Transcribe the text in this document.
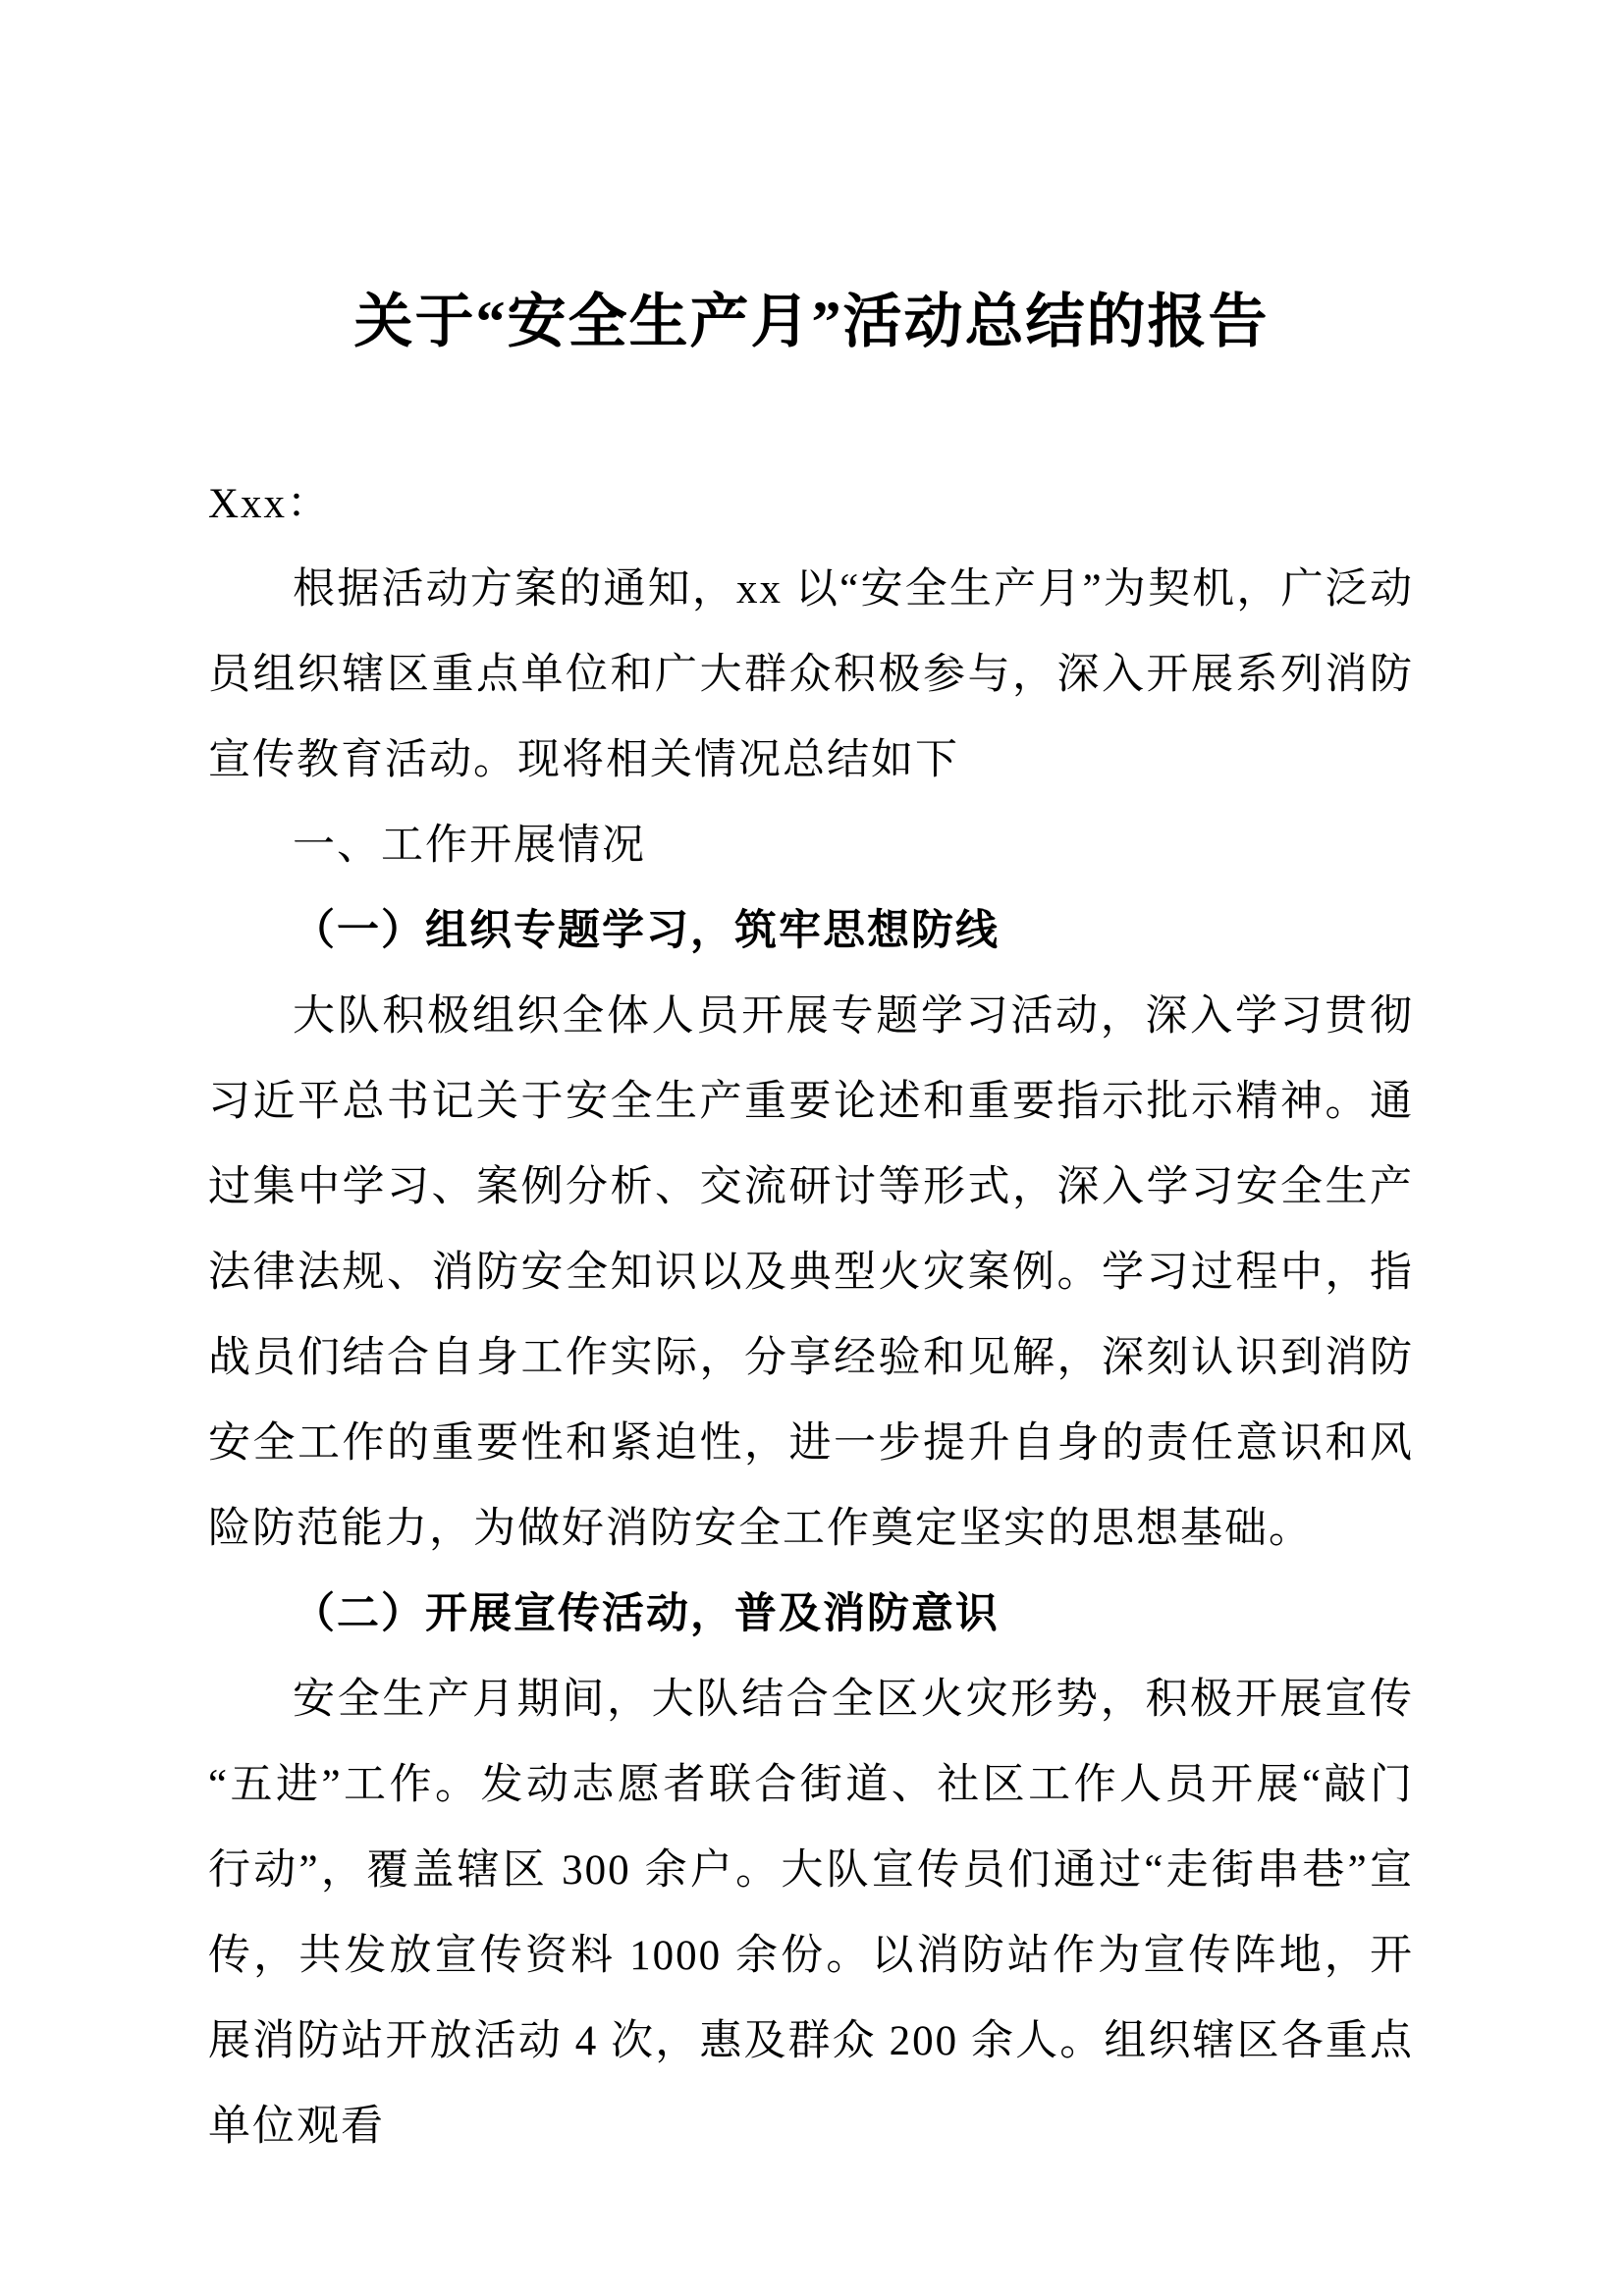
关于“安全生产月”活动总结的报告

Xxx：

根据活动方案的通知，xx 以“安全生产月”为契机，广泛动员组织辖区重点单位和广大群众积极参与，深入开展系列消防宣传教育活动。现将相关情况总结如下

一、工作开展情况

（一）组织专题学习，筑牢思想防线

大队积极组织全体人员开展专题学习活动，深入学习贯彻习近平总书记关于安全生产重要论述和重要指示批示精神。通过集中学习、案例分析、交流研讨等形式，深入学习安全生产法律法规、消防安全知识以及典型火灾案例。学习过程中，指战员们结合自身工作实际，分享经验和见解，深刻认识到消防安全工作的重要性和紧迫性，进一步提升自身的责任意识和风险防范能力，为做好消防安全工作奠定坚实的思想基础。

（二）开展宣传活动，普及消防意识

安全生产月期间，大队结合全区火灾形势，积极开展宣传“五进”工作。发动志愿者联合街道、社区工作人员开展“敲门行动”，覆盖辖区 300 余户。大队宣传员们通过“走街串巷”宣传，共发放宣传资料 1000 余份。以消防站作为宣传阵地，开展消防站开放活动 4 次，惠及群众 200 余人。组织辖区各重点单位观看
